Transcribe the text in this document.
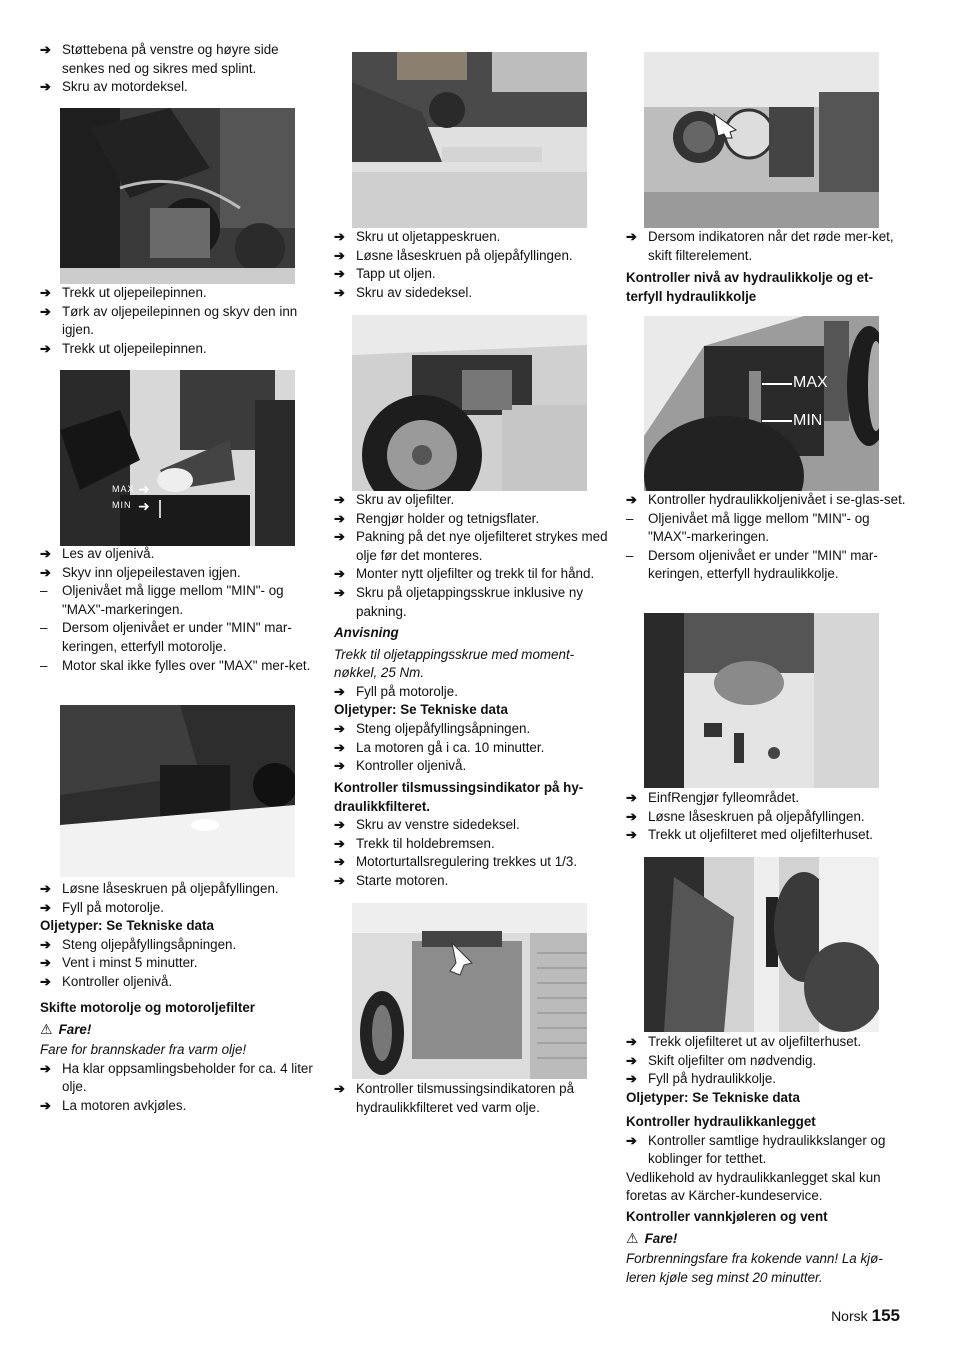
➔ Støttebena på venstre og høyre side senkes ned og sikres med splint.
➔ Skru av motordeksel.
➔ Trekk ut oljepeilepinnen.
➔ Tørk av oljepeilepinnen og skyv den inn igjen.
➔ Trekk ut oljepeilepinnen.
MAX ➜
MIN ➜
➔ Les av oljenivå.
➔ Skyv inn oljepeilestaven igjen.
–	Oljenivået må ligge mellom "MIN"- og "MAX"-markeringen.
–	Dersom oljenivået er under "MIN" mar-keringen, etterfyll motorolje.
–	Motor skal ikke fylles over "MAX" mer-ket.
➔ Løsne låseskruen på oljepåfyllingen.
➔ Fyll på motorolje.
Oljetyper: Se Tekniske data
➔ Steng oljepåfyllingsåpningen.
➔ Vent i minst 5 minutter.
➔ Kontroller oljenivå.
Skifte motorolje og motoroljefilter
⚠ Fare!
Fare for brannskader fra varm olje!
➔ Ha klar oppsamlingsbeholder for ca. 4 liter olje.
➔ La motoren avkjøles.
➔ Skru ut oljetappeskruen.
➔ Løsne låseskruen på oljepåfyllingen.
➔ Tapp ut oljen.
➔ Skru av sidedeksel.
➔ Skru av oljefilter.
➔ Rengjør holder og tetnigsflater.
➔ Pakning på det nye oljefilteret strykes med olje før det monteres.
➔ Monter nytt oljefilter og trekk til for hånd.
➔ Skru på oljetappingsskrue inklusive ny pakning.
Anvisning
Trekk til oljetappingsskrue med moment-nøkkel, 25 Nm.
➔ Fyll på motorolje.
Oljetyper: Se Tekniske data
➔ Steng oljepåfyllingsåpningen.
➔ La motoren gå i ca. 10 minutter.
➔ Kontroller oljenivå.
Kontroller tilsmussingsindikator på hy-draulikkfilteret.
➔ Skru av venstre sidedeksel.
➔ Trekk til holdebremsen.
➔ Motorturtallsregulering trekkes ut 1/3.
➔ Starte motoren.
➔ Kontroller tilsmussingsindikatoren på hydraulikkfilteret ved varm olje.
➔ Dersom indikatoren når det røde mer-ket, skift filterelement.
Kontroller nivå av hydraulikkolje og et-terfyll hydraulikkolje
MAX
MIN
➔ Kontroller hydraulikkoljenivået i se-glas-set.
–	Oljenivået må ligge mellom "MIN"- og "MAX"-markeringen.
–	Dersom oljenivået er under "MIN" mar-keringen, etterfyll hydraulikkolje.
➔ EinfRengjør fylleområdet.
➔ Løsne låseskruen på oljepåfyllingen.
➔ Trekk ut oljefilteret med oljefilterhuset.
➔ Trekk oljefilteret ut av oljefilterhuset.
➔ Skift oljefilter om nødvendig.
➔ Fyll på hydraulikkolje.
Oljetyper: Se Tekniske data
Kontroller hydraulikkanlegget
➔ Kontroller samtlige hydraulikkslanger og koblinger for tetthet.
Vedlikehold av hydraulikkanlegget skal kun foretas av Kärcher-kundeservice.
Kontroller vannkjøleren og vent
⚠ Fare!
Forbrenningsfare fra kokende vann! La kjø-leren kjøle seg minst 20 minutter.
Norsk 155
